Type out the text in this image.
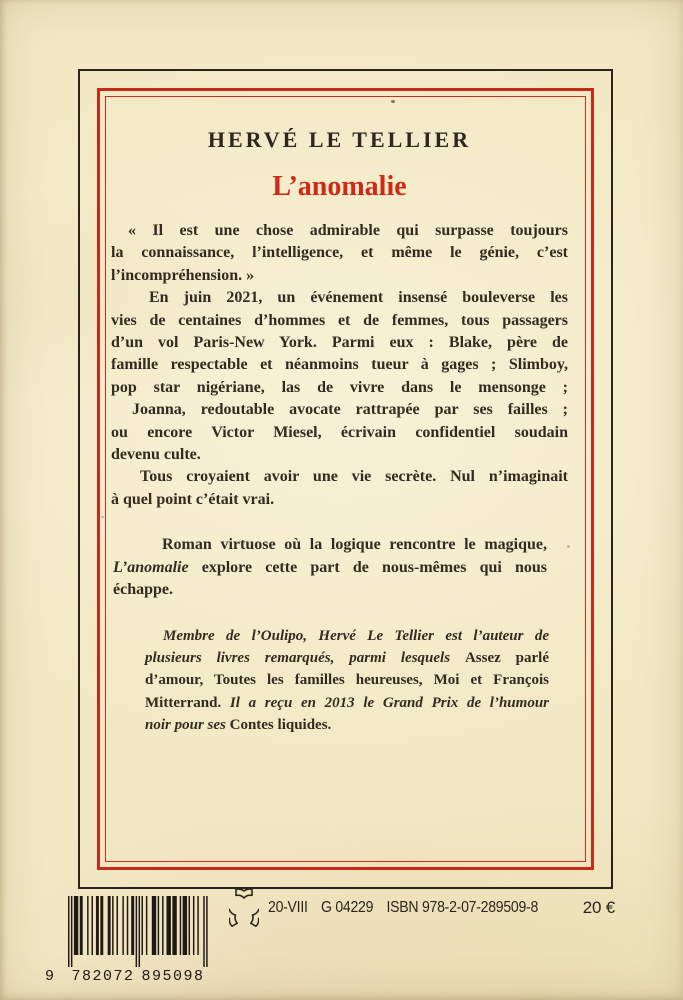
HERVÉ LE TELLIER
L’anomalie
« Il est une chose admirable qui surpasse toujours
la connaissance, l’intelligence, et même le génie, c’est
l’incompréhension. »
En juin 2021, un événement insensé bouleverse les
vies de centaines d’hommes et de femmes, tous passagers
d’un vol Paris-New York. Parmi eux : Blake, père de
famille respectable et néanmoins tueur à gages ; Slimboy,
pop star nigériane, las de vivre dans le mensonge ;
Joanna, redoutable avocate rattrapée par ses failles ;
ou encore Victor Miesel, écrivain confidentiel soudain
devenu culte.
Tous croyaient avoir une vie secrète. Nul n’imaginait
à quel point c’était vrai.
Roman virtuose où la logique rencontre le magique,
L’anomalie explore cette part de nous-mêmes qui nous
échappe.
Membre de l’Oulipo, Hervé Le Tellier est l’auteur de
plusieurs livres remarqués, parmi lesquels Assez parlé
d’amour, Toutes les familles heureuses, Moi et François
Mitterrand. Il a reçu en 2013 le Grand Prix de l’humour
noir pour ses Contes liquides.
9 782072 895098
20-VIII G 04229 ISBN 978-2-07-289509-8	20 €
